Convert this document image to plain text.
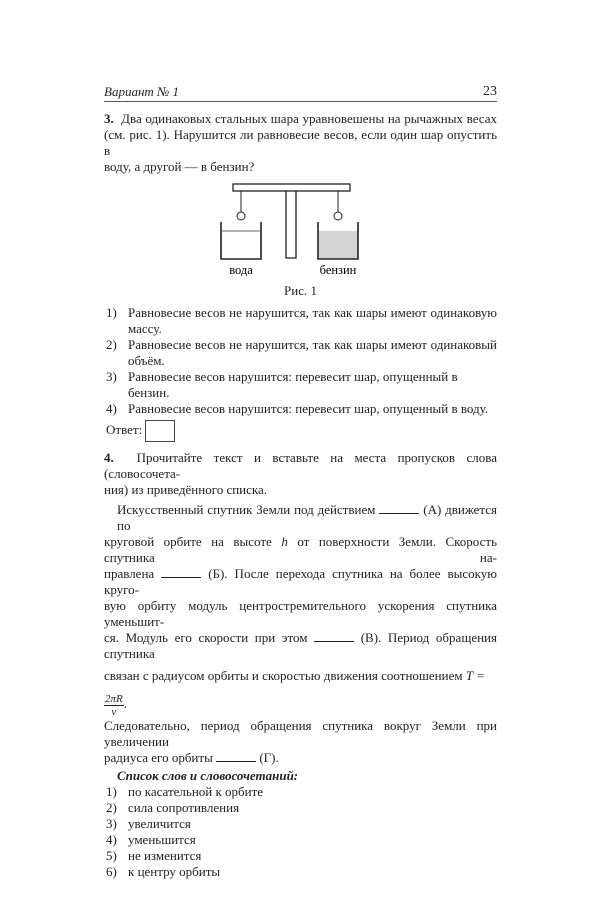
Вариант № 1	23
3. Два одинаковых стальных шара уравновешены на рычажных весах
(см. рис. 1). Нарушится ли равновесие весов, если один шар опустить в
воду, а другой — в бензин?
вода	бензин
Рис. 1
1) Равновесие весов не нарушится, так как шары имеют одинаковую
массу.
2) Равновесие весов не нарушится, так как шары имеют одинаковый
объём.
3) Равновесие весов нарушится: перевесит шар, опущенный в бензин.
4) Равновесие весов нарушится: перевесит шар, опущенный в воду.
Ответ:
4. Прочитайте текст и вставьте на места пропусков слова (словосочета-
ния) из приведённого списка.
Искусственный спутник Земли под действием	(А) движется по
круговой орбите на высоте h от поверхности Земли. Скорость спутника на-
правлена	(Б). После перехода спутника на более высокую круго-
вую орбиту модуль центростремительного ускорения спутника уменьшит-
ся. Модуль его скорости при этом	(В). Период обращения спутника
связан с радиусом орбиты и скоростью движения соотношением T =
$\frac{2\pi R}{v}$ .
Следовательно, период обращения спутника вокруг Земли при увеличении
радиуса его орбиты	(Г).
Список слов и словосочетаний:
1) по касательной к орбите
2) сила сопротивления
3) увеличится
4) уменьшится
5) не изменится
6) к центру орбиты
